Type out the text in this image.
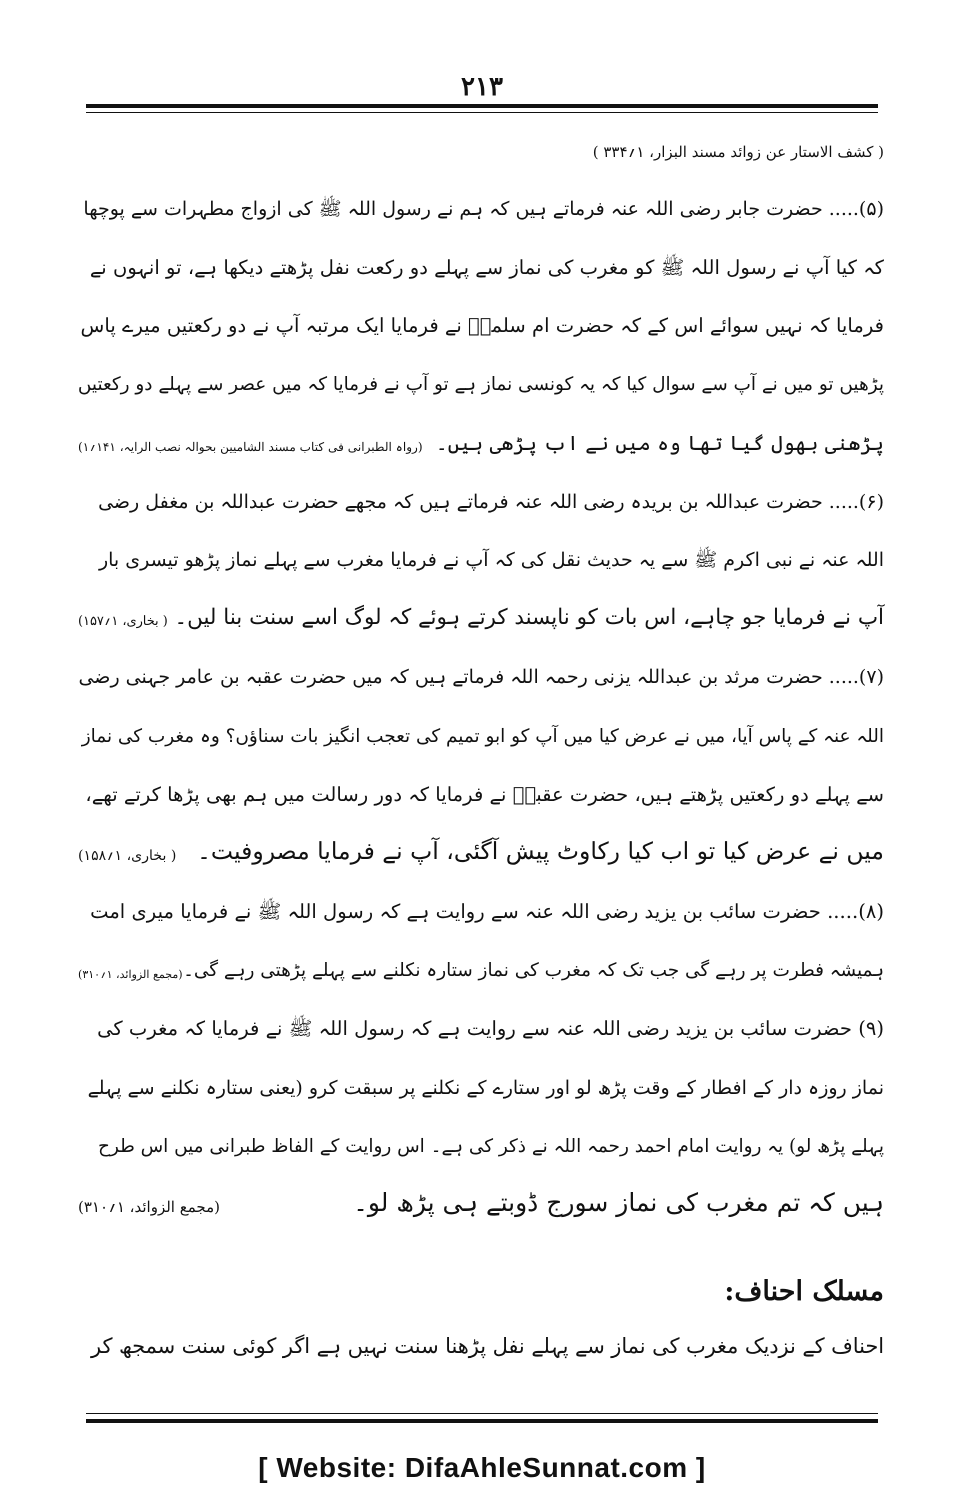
۲۱۳
( کشف الاستار عن زوائد مسند البزار، ۱؍۳۳۴ )
(۵)..... حضرت جابر رضی اللہ عنہ فرماتے ہیں کہ ہم نے رسول اللہ ﷺ کی ازواج مطہرات سے پوچھا
کہ کیا آپ نے رسول اللہ ﷺ کو مغرب کی نماز سے پہلے دو رکعت نفل پڑھتے دیکھا ہے، تو انہوں نے
فرمایا کہ نہیں سوائے اس کے کہ حضرت ام سلمہؓ نے فرمایا ایک مرتبہ آپ نے دو رکعتیں میرے پاس
پڑھیں تو میں نے آپ سے سوال کیا کہ یہ کونسی نماز ہے تو آپ نے فرمایا کہ میں عصر سے پہلے دو رکعتیں
پڑھنی بھول گیا تھا وہ میں نے اب پڑھی ہیں۔
(رواہ الطبرانی فی کتاب مسند الشامیین بحوالہ نصب الرایہ، ۱۴۱؍۱)
(۶)..... حضرت عبداللہ بن بریدہ رضی اللہ عنہ فرماتے ہیں کہ مجھے حضرت عبداللہ بن مغفل رضی
اللہ عنہ نے نبی اکرم ﷺ سے یہ حدیث نقل کی کہ آپ نے فرمایا مغرب سے پہلے نماز پڑھو تیسری بار
آپ نے فرمایا جو چاہے، اس بات کو ناپسند کرتے ہوئے کہ لوگ اسے سنت بنا لیں۔
( بخاری، ۱؍۱۵۷)
(۷)..... حضرت مرثد بن عبداللہ یزنی رحمہ اللہ فرماتے ہیں کہ میں حضرت عقبہ بن عامر جہنی رضی
اللہ عنہ کے پاس آیا، میں نے عرض کیا میں آپ کو ابو تمیم کی تعجب انگیز بات سناؤں؟ وہ مغرب کی نماز
سے پہلے دو رکعتیں پڑھتے ہیں، حضرت عقبہؓ نے فرمایا کہ دور رسالت میں ہم بھی پڑھا کرتے تھے،
میں نے عرض کیا تو اب کیا رکاوٹ پیش آگئی، آپ نے فرمایا مصروفیت۔
( بخاری، ۱؍۱۵۸)
(۸)..... حضرت سائب بن یزید رضی اللہ عنہ سے روایت ہے کہ رسول اللہ ﷺ نے فرمایا میری امت
ہمیشہ فطرت پر رہے گی جب تک کہ مغرب کی نماز ستارہ نکلنے سے پہلے پڑھتی رہے گی۔
(مجمع الزوائد، ۱؍۳۱۰)
(۹) حضرت سائب بن یزید رضی اللہ عنہ سے روایت ہے کہ رسول اللہ ﷺ نے فرمایا کہ مغرب کی
نماز روزہ دار کے افطار کے وقت پڑھ لو اور ستارے کے نکلنے پر سبقت کرو (یعنی ستارہ نکلنے سے پہلے
پہلے پڑھ لو) یہ روایت امام احمد رحمہ اللہ نے ذکر کی ہے۔ اس روایت کے الفاظ طبرانی میں اس طرح
ہیں کہ تم مغرب کی نماز سورج ڈوبتے ہی پڑھ لو۔
(مجمع الزوائد، ۱؍۳۱۰)
مسلک احناف:
احناف کے نزدیک مغرب کی نماز سے پہلے نفل پڑھنا سنت نہیں ہے اگر کوئی سنت سمجھ کر
[ Website: DifaAhleSunnat.com ]
